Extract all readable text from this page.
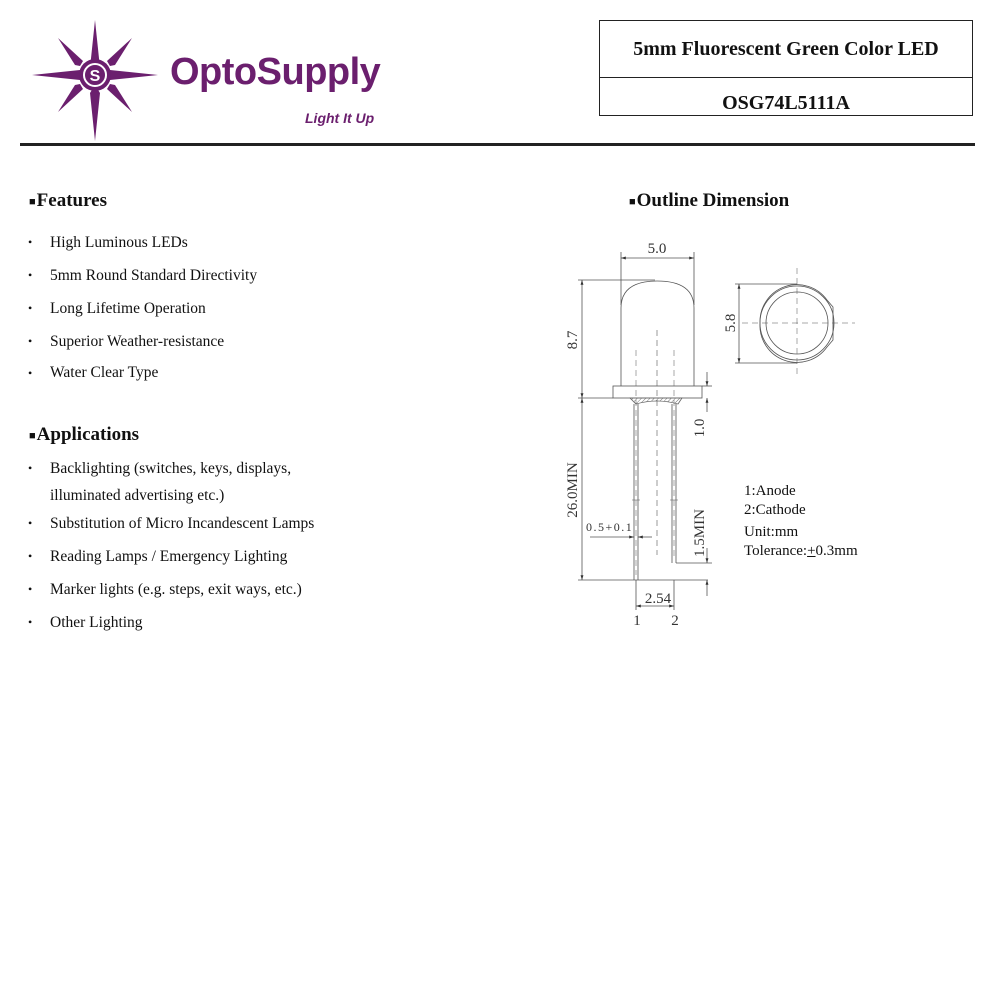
S OptoSupply
Light It Up
5mm Fluorescent Green Color LED
OSG74L5111A
■Features
• High Luminous LEDs
• 5mm Round Standard Directivity
• Long Lifetime Operation
• Superior Weather-resistance
• Water Clear Type
■Applications
• Backlighting (switches, keys, displays,
illuminated advertising etc.)
• Substitution of Micro Incandescent Lamps
• Reading Lamps / Emergency Lighting
• Marker lights (e.g. steps, exit ways, etc.)
• Other Lighting
■Outline Dimension
5.0
8.7
5.8
1.0
26.0MIN
1.5MIN
0.5+0.1
2.54
1 2
1:Anode
2:Cathode
Unit:mm
Tolerance:+0.3mm
